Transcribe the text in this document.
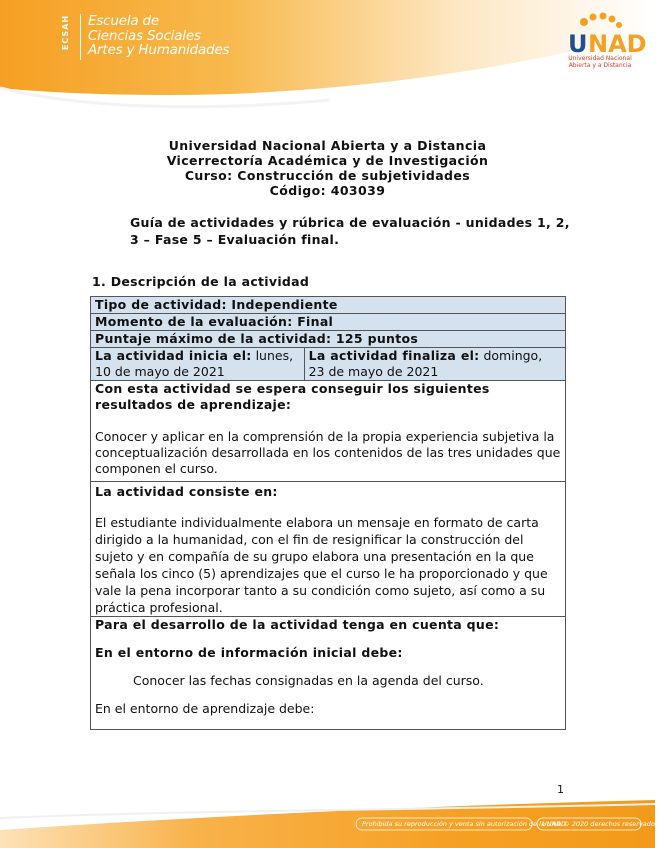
ECSAH Escuela de
Ciencias Sociales
Artes y Humanidades	U NAD
Universidad Nacional
Abierta y a Distancia
Universidad Nacional Abierta y a Distancia
Vicerrectoría Académica y de Investigación
Curso: Construcción de subjetividades
Código: 403039
Guía de actividades y rúbrica de evaluación - unidades 1, 2, 3 – Fase 5 – Evaluación final.
1. Descripción de la actividad
Tipo de actividad: Independiente
Momento de la evaluación: Final
Puntaje máximo de la actividad: 125 puntos
La actividad inicia el: lunes, 10 de mayo de 2021	La actividad finaliza el: domingo, 23 de mayo de 2021

Con esta actividad se espera conseguir los siguientes resultados de aprendizaje:

Conocer y aplicar en la comprensión de la propia experiencia subjetiva la conceptualización desarrollada en los contenidos de las tres unidades que componen el curso.

La actividad consiste en:

El estudiante individualmente elabora un mensaje en formato de carta dirigido a la humanidad, con el fin de resignificar la construcción del sujeto y en compañía de su grupo elabora una presentación en la que señala los cinco (5) aprendizajes que el curso le ha proporcionado y que vale la pena incorporar tanto a su condición como sujeto, así como a su práctica profesional.

Para el desarrollo de la actividad tenga en cuenta que:

En el entorno de información inicial debe:

Conocer las fechas consignadas en la agenda del curso.

En el entorno de aprendizaje debe:

1
Prohibida su reproducción y venta sin autorización de la UNAD.
UNAD © 2020 derechos reservados.
